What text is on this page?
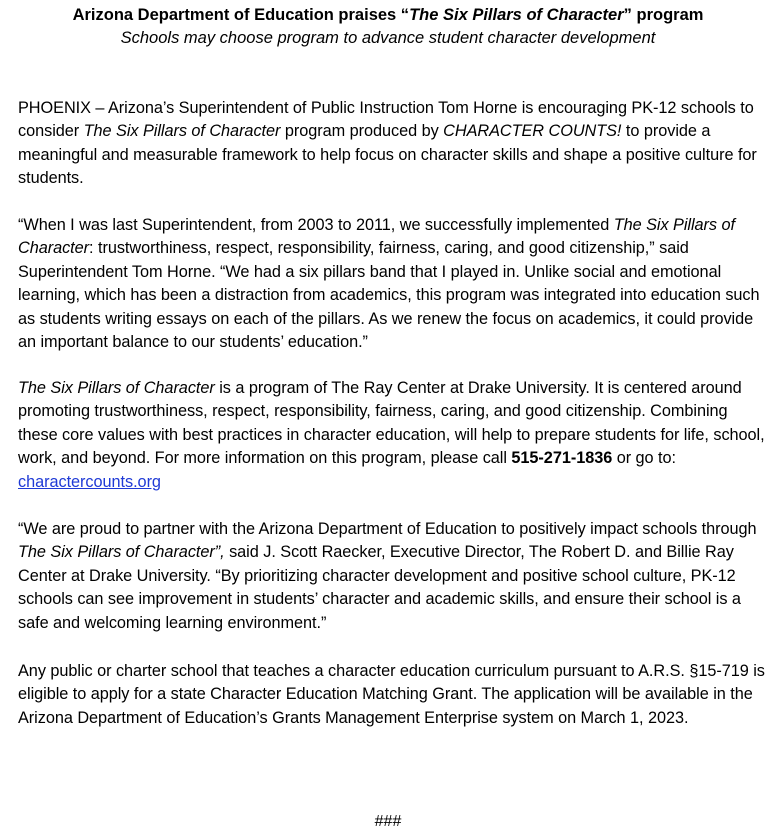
Arizona Department of Education praises “The Six Pillars of Character” program

Schools may choose program to advance student character development

PHOENIX – Arizona’s Superintendent of Public Instruction Tom Horne is encouraging PK-12 schools to consider The Six Pillars of Character program produced by CHARACTER COUNTS! to provide a meaningful and measurable framework to help focus on character skills and shape a positive culture for students.

“When I was last Superintendent, from 2003 to 2011, we successfully implemented The Six Pillars of Character: trustworthiness, respect, responsibility, fairness, caring, and good citizenship,” said Superintendent Tom Horne. “We had a six pillars band that I played in. Unlike social and emotional learning, which has been a distraction from academics, this program was integrated into education such as students writing essays on each of the pillars. As we renew the focus on academics, it could provide an important balance to our students’ education.”

The Six Pillars of Character is a program of The Ray Center at Drake University. It is centered around promoting trustworthiness, respect, responsibility, fairness, caring, and good citizenship. Combining these core values with best practices in character education, will help to prepare students for life, school, work, and beyond. For more information on this program, please call 515-271-1836 or go to: charactercounts.org

“We are proud to partner with the Arizona Department of Education to positively impact schools through The Six Pillars of Character”, said J. Scott Raecker, Executive Director, The Robert D. and Billie Ray Center at Drake University. “By prioritizing character development and positive school culture, PK-12 schools can see improvement in students’ character and academic skills, and ensure their school is a safe and welcoming learning environment.”

Any public or charter school that teaches a character education curriculum pursuant to A.R.S. §15-719 is eligible to apply for a state Character Education Matching Grant. The application will be available in the Arizona Department of Education’s Grants Management Enterprise system on March 1, 2023.

###
